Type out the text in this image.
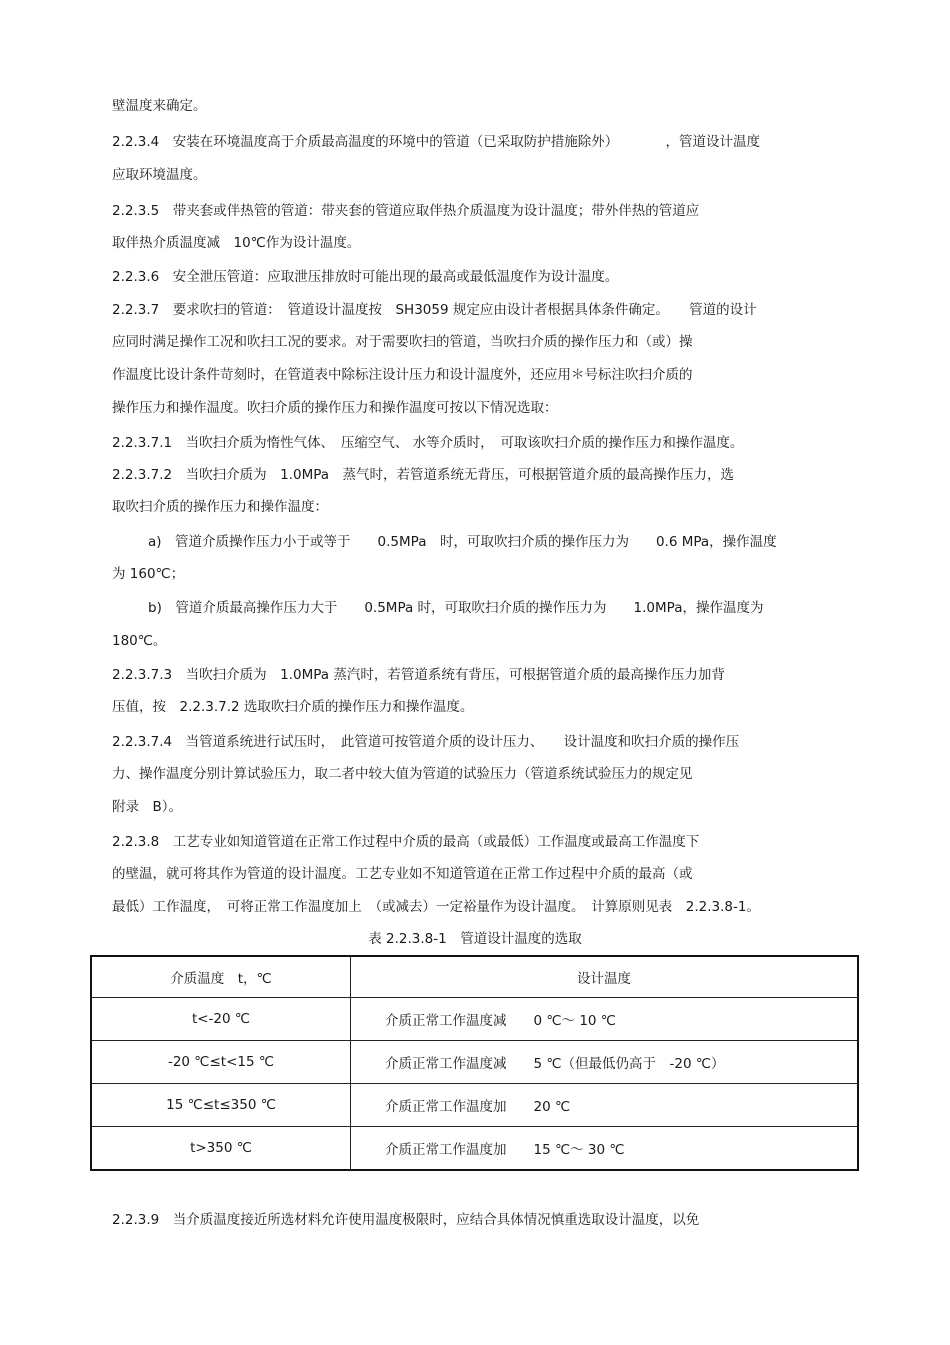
壁温度来确定。
2.2.3.4　安装在环境温度高于介质最高温度的环境中的管道（已采取防护措施除外）　　　　，管道设计温度
应取环境温度。
2.2.3.5　带夹套或伴热管的管道：带夹套的管道应取伴热介质温度为设计温度；带外伴热的管道应
取伴热介质温度减　10℃作为设计温度。
2.2.3.6　安全泄压管道：应取泄压排放时可能出现的最高或最低温度作为设计温度。
2.2.3.7　要求吹扫的管道：　管道设计温度按　SH3059 规定应由设计者根据具体条件确定。　　管道的设计
应同时满足操作工况和吹扫工况的要求。对于需要吹扫的管道，当吹扫介质的操作压力和（或）操
作温度比设计条件苛刻时，在管道表中除标注设计压力和设计温度外，还应用＊号标注吹扫介质的
操作压力和操作温度。吹扫介质的操作压力和操作温度可按以下情况选取：
2.2.3.7.1　当吹扫介质为惰性气体、　压缩空气、 水等介质时，　可取该吹扫介质的操作压力和操作温度。
2.2.3.7.2　当吹扫介质为　1.0MPa　蒸气时，若管道系统无背压，可根据管道介质的最高操作压力，选
取吹扫介质的操作压力和操作温度：
a)　管道介质操作压力小于或等于　　0.5MPa　时，可取吹扫介质的操作压力为　　0.6 MPa，操作温度
为 160℃；
b)　管道介质最高操作压力大于　　0.5MPa 时，可取吹扫介质的操作压力为　　1.0MPa，操作温度为
180℃。
2.2.3.7.3　当吹扫介质为　1.0MPa 蒸汽时，若管道系统有背压，可根据管道介质的最高操作压力加背
压值，按　2.2.3.7.2 选取吹扫介质的操作压力和操作温度。
2.2.3.7.4　当管道系统进行试压时，　此管道可按管道介质的设计压力、　　设计温度和吹扫介质的操作压
力、操作温度分别计算试验压力，取二者中较大值为管道的试验压力（管道系统试验压力的规定见
附录　B）。
2.2.3.8　工艺专业如知道管道在正常工作过程中介质的最高（或最低）工作温度或最高工作温度下
的壁温，就可将其作为管道的设计温度。工艺专业如不知道管道在正常工作过程中介质的最高（或
最低）工作温度，　可将正常工作温度加上　（或减去）一定裕量作为设计温度。　计算原则见表　2.2.3.8-1。
表 2.2.3.8-1　管道设计温度的选取
介质温度　t，℃	设计温度
t<-20 ℃	介质正常工作温度减　　0 ℃～ 10 ℃
-20 ℃≤t<15 ℃	介质正常工作温度减　　5 ℃（但最低仍高于　-20 ℃）
15 ℃≤t≤350 ℃	介质正常工作温度加　　20 ℃
t>350 ℃	介质正常工作温度加　　15 ℃～ 30 ℃
2.2.3.9　当介质温度接近所选材料允许使用温度极限时，应结合具体情况慎重选取设计温度，以免
